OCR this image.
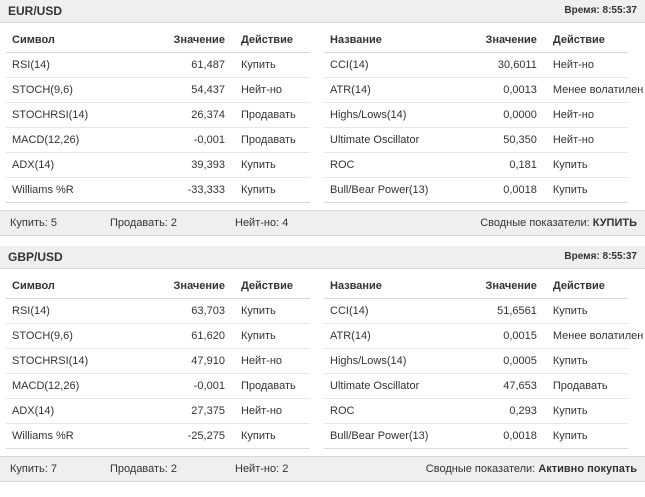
EUR/USD	Время: 8:55:37
Символ	Значение	Действие
RSI(14)	61,487	Купить
STOCH(9,6)	54,437	Нейт-но
STOCHRSI(14)	26,374	Продавать
MACD(12,26)	-0,001	Продавать
ADX(14)	39,393	Купить
Williams %R	-33,333	Купить
Название	Значение	Действие
CCI(14)	30,6011	Нейт-но
ATR(14)	0,0013	Менее волатилен
Highs/Lows(14)	0,0000	Нейт-но
Ultimate Oscillator	50,350	Нейт-но
ROC	0,181	Купить
Bull/Bear Power(13)	0,0018	Купить
Купить: 5	Продавать: 2	Нейт-но: 4	Сводные показатели: КУПИТЬ
GBP/USD	Время: 8:55:37
Символ	Значение	Действие
RSI(14)	63,703	Купить
STOCH(9,6)	61,620	Купить
STOCHRSI(14)	47,910	Нейт-но
MACD(12,26)	-0,001	Продавать
ADX(14)	27,375	Нейт-но
Williams %R	-25,275	Купить
Название	Значение	Действие
CCI(14)	51,6561	Купить
ATR(14)	0,0015	Менее волатилен
Highs/Lows(14)	0,0005	Купить
Ultimate Oscillator	47,653	Продавать
ROC	0,293	Купить
Bull/Bear Power(13)	0,0018	Купить
Купить: 7	Продавать: 2	Нейт-но: 2	Сводные показатели: Активно покупать
